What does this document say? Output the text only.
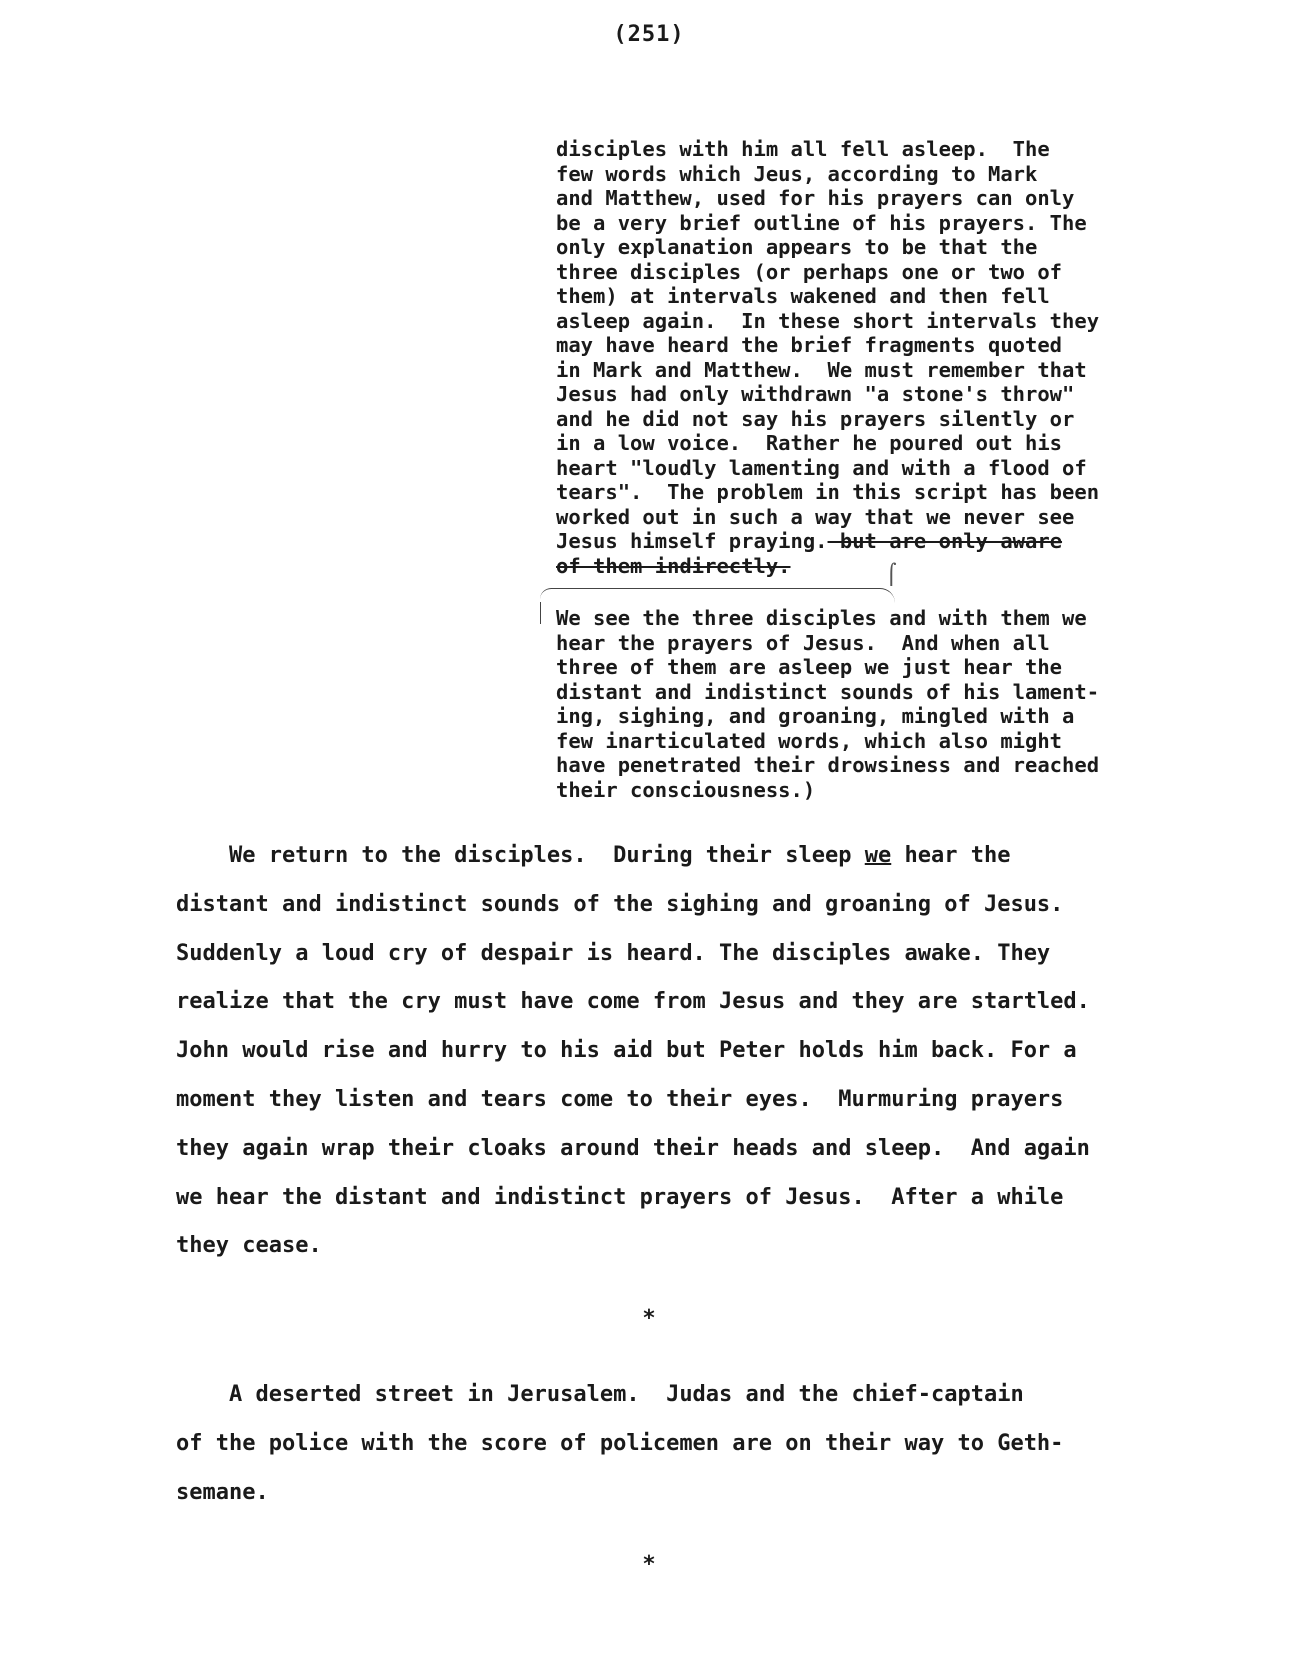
(251)
disciples with him all fell asleep.  The
few words which Jeus, according to Mark
and Matthew, used for his prayers can only
be a very brief outline of his prayers. The
only explanation appears to be that the
three disciples (or perhaps one or two of
them) at intervals wakened and then fell
asleep again.  In these short intervals they
may have heard the brief fragments quoted
in Mark and Matthew.  We must remember that
Jesus had only withdrawn "a stone's throw"
and he did not say his prayers silently or
in a low voice.  Rather he poured out his
heart "loudly lamenting and with a flood of
tears".  The problem in this script has been
worked out in such a way that we never see
Jesus himself praying. but are only aware
of them indirectly.	⌠
We see the three disciples and with them we
hear the prayers of Jesus.  And when all
three of them are asleep we just hear the
distant and indistinct sounds of his lament-
ing, sighing, and groaning, mingled with a
few inarticulated words, which also might
have penetrated their drowsiness and reached
their consciousness.)
We return to the disciples.  During their sleep we hear the
distant and indistinct sounds of the sighing and groaning of Jesus.
Suddenly a loud cry of despair is heard. The disciples awake. They
realize that the cry must have come from Jesus and they are startled.
John would rise and hurry to his aid but Peter holds him back. For a
moment they listen and tears come to their eyes.  Murmuring prayers
they again wrap their cloaks around their heads and sleep.  And again
we hear the distant and indistinct prayers of Jesus.  After a while
they cease.
*
A deserted street in Jerusalem.  Judas and the chief-captain
of the police with the score of policemen are on their way to Geth-
semane.
*
